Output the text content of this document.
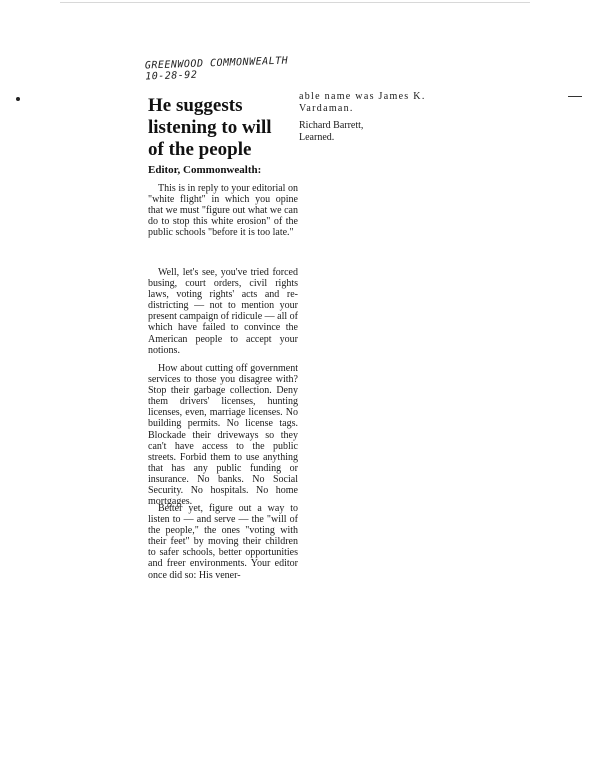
GREENWOOD COMMONWEALTH
10-28-92
He suggests listening to will of the people

Editor, Commonwealth:

This is in reply to your editorial on "white flight" in which you opine that we must "figure out what we can do to stop this white erosion" of the public schools "before it is too late."

Well, let's see, you've tried forced busing, court orders, civil rights laws, voting rights' acts and re-districting — not to mention your present campaign of ridicule — all of which have failed to convince the American people to accept your notions.

How about cutting off government services to those you disagree with? Stop their garbage collection. Deny them drivers' licenses, hunting licenses, even, marriage licenses. No building permits. No license tags. Blockade their driveways so they can't have access to the public streets. Forbid them to use anything that has any public funding or insurance. No banks. No Social Security. No hospitals. No home mortgages.

Better yet, figure out a way to listen to — and serve — the "will of the people," the ones "voting with their feet" by moving their children to safer schools, better opportunities and freer environments. Your editor once did so: His vener-

able name was James K. Vardaman.

Richard Barrett,

Learned.
